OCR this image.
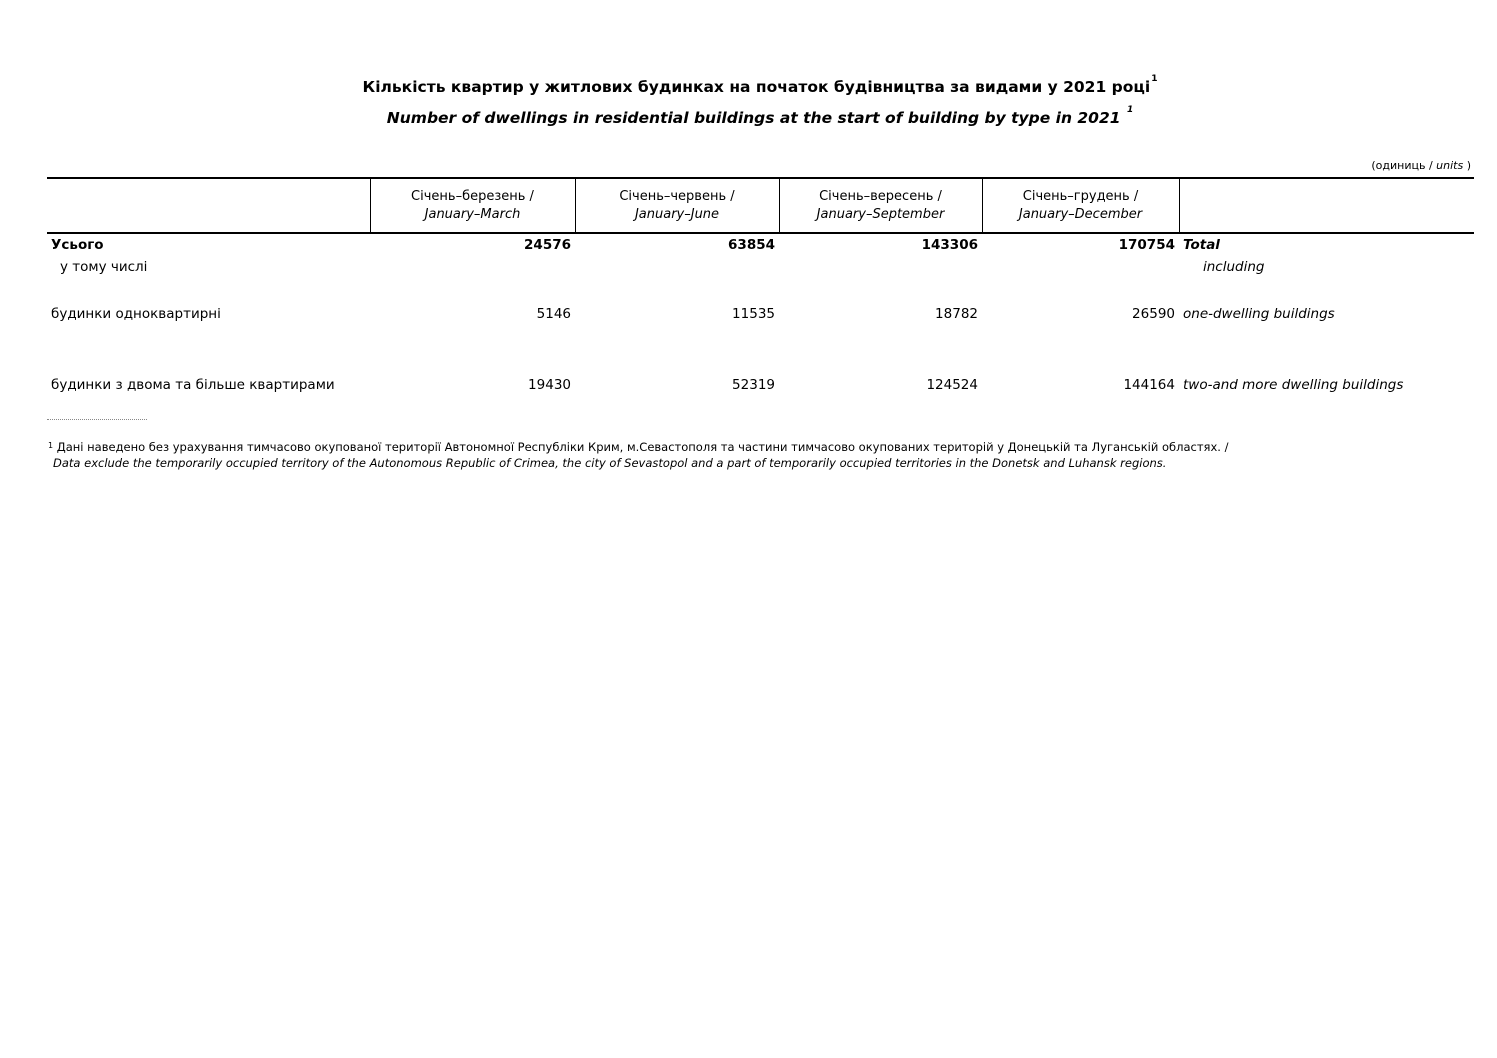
Кількість квартир у житлових будинках на початок будівництва за видами у 2021 році$^1$
Number of dwellings in residential buildings at the start of building by type in 2021 $^1$
(одиниць / units )

	Січень–березень /
January–March	Січень–червень /
January–June	Січень–вересень /
January–September	Січень–грудень /
January–December	

Усього	24576	63854	143306	170754	Total
у тому числі					including
будинки одноквартирні	5146	11535	18782	26590	one-dwelling buildings
будинки з двома та більше квартирами	19430	52319	124524	144164	two-and more dwelling buildings
$^1$ Дані наведено без урахування тимчасово окупованої території Автономної Республіки Крим, м.Севастополя та частини тимчасово окупованих територій у Донецькій та Луганській областях. /
Data exclude the temporarily occupied territory of the Autonomous Republic of Crimea, the city of Sevastopol and a part of temporarily occupied territories in the Donetsk and Luhansk regions.
